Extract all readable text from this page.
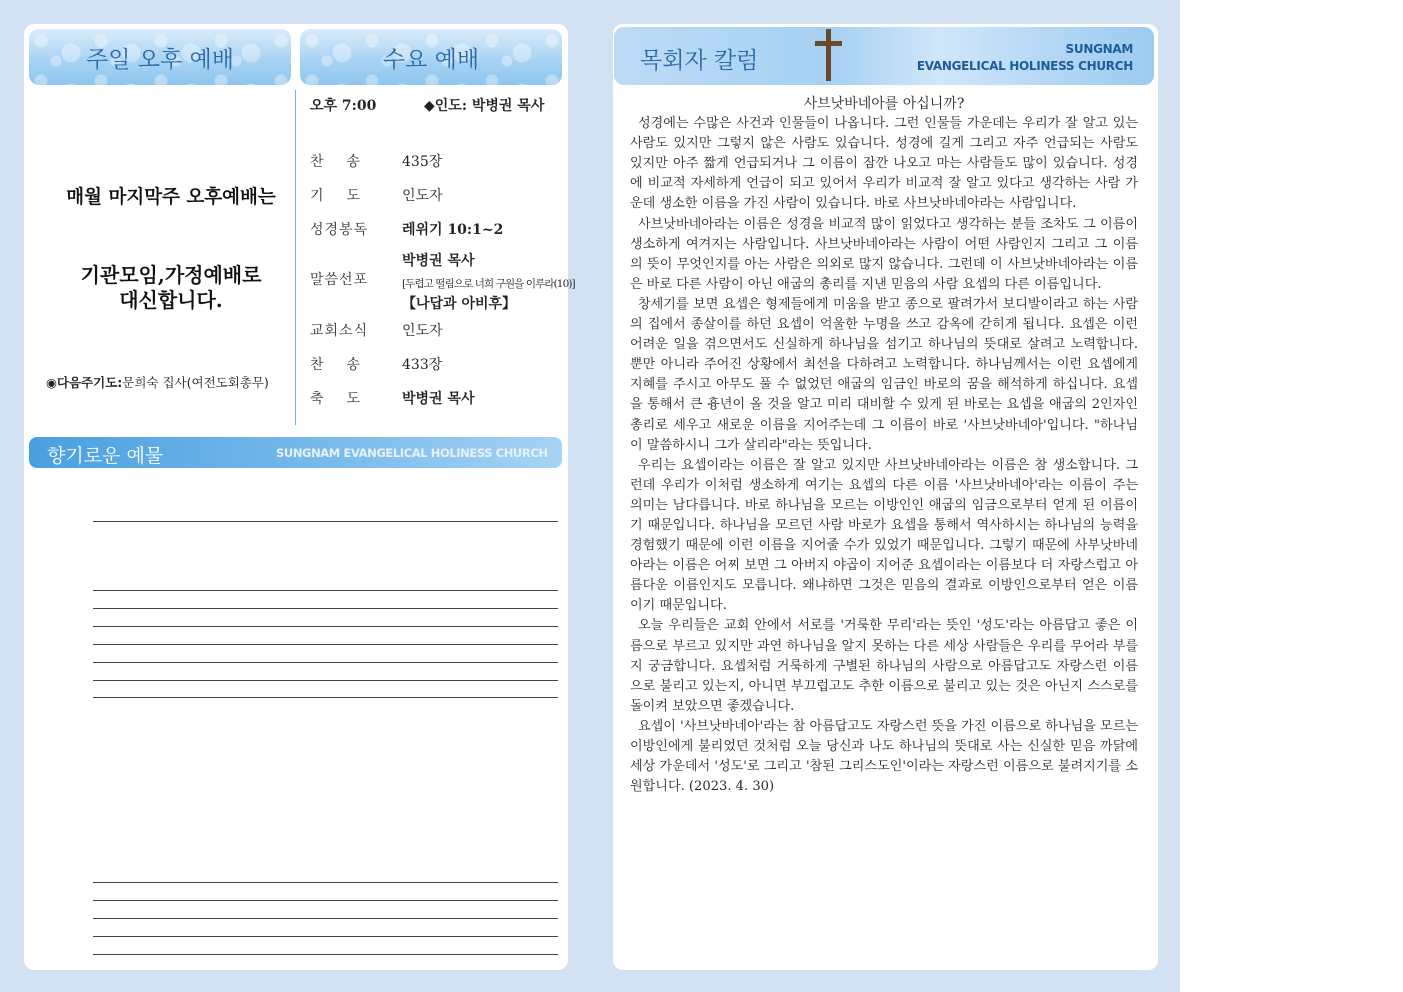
주일 오후 예배	수요 예배
매월 마지막주 오후예배는
기관모임,가정예배로
대신합니다.
◉다음주기도:문희숙 집사(여전도회총무)
오후 7:00	◆인도: 박병권 목사
찬    송	435장
기    도	인도자
성경봉독	레위기 10:1~2
말씀선포
박병권 목사
[두렵고 떨림으로 너희 구원을 이루라(10)]
【나답과 아비후】
교회소식	인도자
찬    송	433장
축    도	박병권 목사
향기로운 예물	SUNGNAM EVANGELICAL HOLINESS CHURCH
목회자 칼럼	SUNGNAM
EVANGELICAL HOLINESS CHURCH
사브낫바네아를 아십니까?

성경에는 수많은 사건과 인물들이 나옵니다. 그런 인물들 가운데는 우리가 잘 알고 있는 사람도 있지만 그렇지 않은 사람도 있습니다. 성경에 길게 그리고 자주 언급되는 사람도 있지만 아주 짧게 언급되거나 그 이름이 잠깐 나오고 마는 사람들도 많이 있습니다. 성경에 비교적 자세하게 언급이 되고 있어서 우리가 비교적 잘 알고 있다고 생각하는 사람 가운데 생소한 이름을 가진 사람이 있습니다. 바로 사브낫바네아라는 사람입니다.

사브낫바네아라는 이름은 성경을 비교적 많이 읽었다고 생각하는 분들 조차도 그 이름이 생소하게 여겨지는 사람입니다. 사브낫바네아라는 사람이 어떤 사람인지 그리고 그 이름의 뜻이 무엇인지를 아는 사람은 의외로 많지 않습니다. 그런데 이 사브낫바네아라는 이름은 바로 다른 사람이 아닌 애굽의 총리를 지낸 믿음의 사람 요셉의 다른 이름입니다.

창세기를 보면 요셉은 형제들에게 미움을 받고 종으로 팔려가서 보디발이라고 하는 사람의 집에서 종살이를 하던 요셉이 억울한 누명을 쓰고 감옥에 갇히게 됩니다. 요셉은 이런 어려운 일을 겪으면서도 신실하게 하나님을 섬기고 하나님의 뜻대로 살려고 노력합니다. 뿐만 아니라 주어진 상황에서 최선을 다하려고 노력합니다. 하나님께서는 이런 요셉에게 지혜를 주시고 아무도 풀 수 없었던 애굽의 임금인 바로의 꿈을 해석하게 하십니다. 요셉을 통해서 큰 흉년이 올 것을 알고 미리 대비할 수 있게 된 바로는 요셉을 애굽의 2인자인 총리로 세우고 새로운 이름을 지어주는데 그 이름이 바로 '사브낫바네아'입니다. "하나님이 말씀하시니 그가 살리라"라는 뜻입니다.

우리는 요셉이라는 이름은 잘 알고 있지만 사브낫바네아라는 이름은 참 생소합니다. 그런데 우리가 이처럼 생소하게 여기는 요셉의 다른 이름 '사브낫바네아'라는 이름이 주는 의미는 남다릅니다. 바로 하나님을 모르는 이방인인 애굽의 임금으로부터 얻게 된 이름이기 때문입니다. 하나님을 모르던 사람 바로가 요셉을 통해서 역사하시는 하나님의 능력을 경험했기 때문에 이런 이름을 지어줄 수가 있었기 때문입니다. 그렇기 때문에 사부낫바네아라는 이름은 어찌 보면 그 아버지 야곱이 지어준 요셉이라는 이름보다 더 자랑스럽고 아름다운 이름인지도 모릅니다. 왜냐하면 그것은 믿음의 결과로 이방인으로부터 얻은 이름이기 때문입니다.

오늘 우리들은 교회 안에서 서로를 '거룩한 무리'라는 뜻인 '성도'라는 아름답고 좋은 이름으로 부르고 있지만 과연 하나님을 알지 못하는 다른 세상 사람들은 우리를 무어라 부를지 궁금합니다. 요셉처럼 거룩하게 구별된 하나님의 사람으로 아름답고도 자랑스런 이름으로 불리고 있는지, 아니면 부끄럽고도 추한 이름으로 불리고 있는 것은 아닌지 스스로를 돌이켜 보았으면 좋겠습니다.

요셉이 '사브낫바네아'라는 참 아름답고도 자랑스런 뜻을 가진 이름으로 하나님을 모르는 이방인에게 불리었던 것처럼 오늘 당신과 나도 하나님의 뜻대로 사는 신실한 믿음 까닭에 세상 가운데서 '성도'로 그리고 '참된 그리스도인'이라는 자랑스런 이름으로 불려지기를 소원합니다. (2023. 4. 30)
